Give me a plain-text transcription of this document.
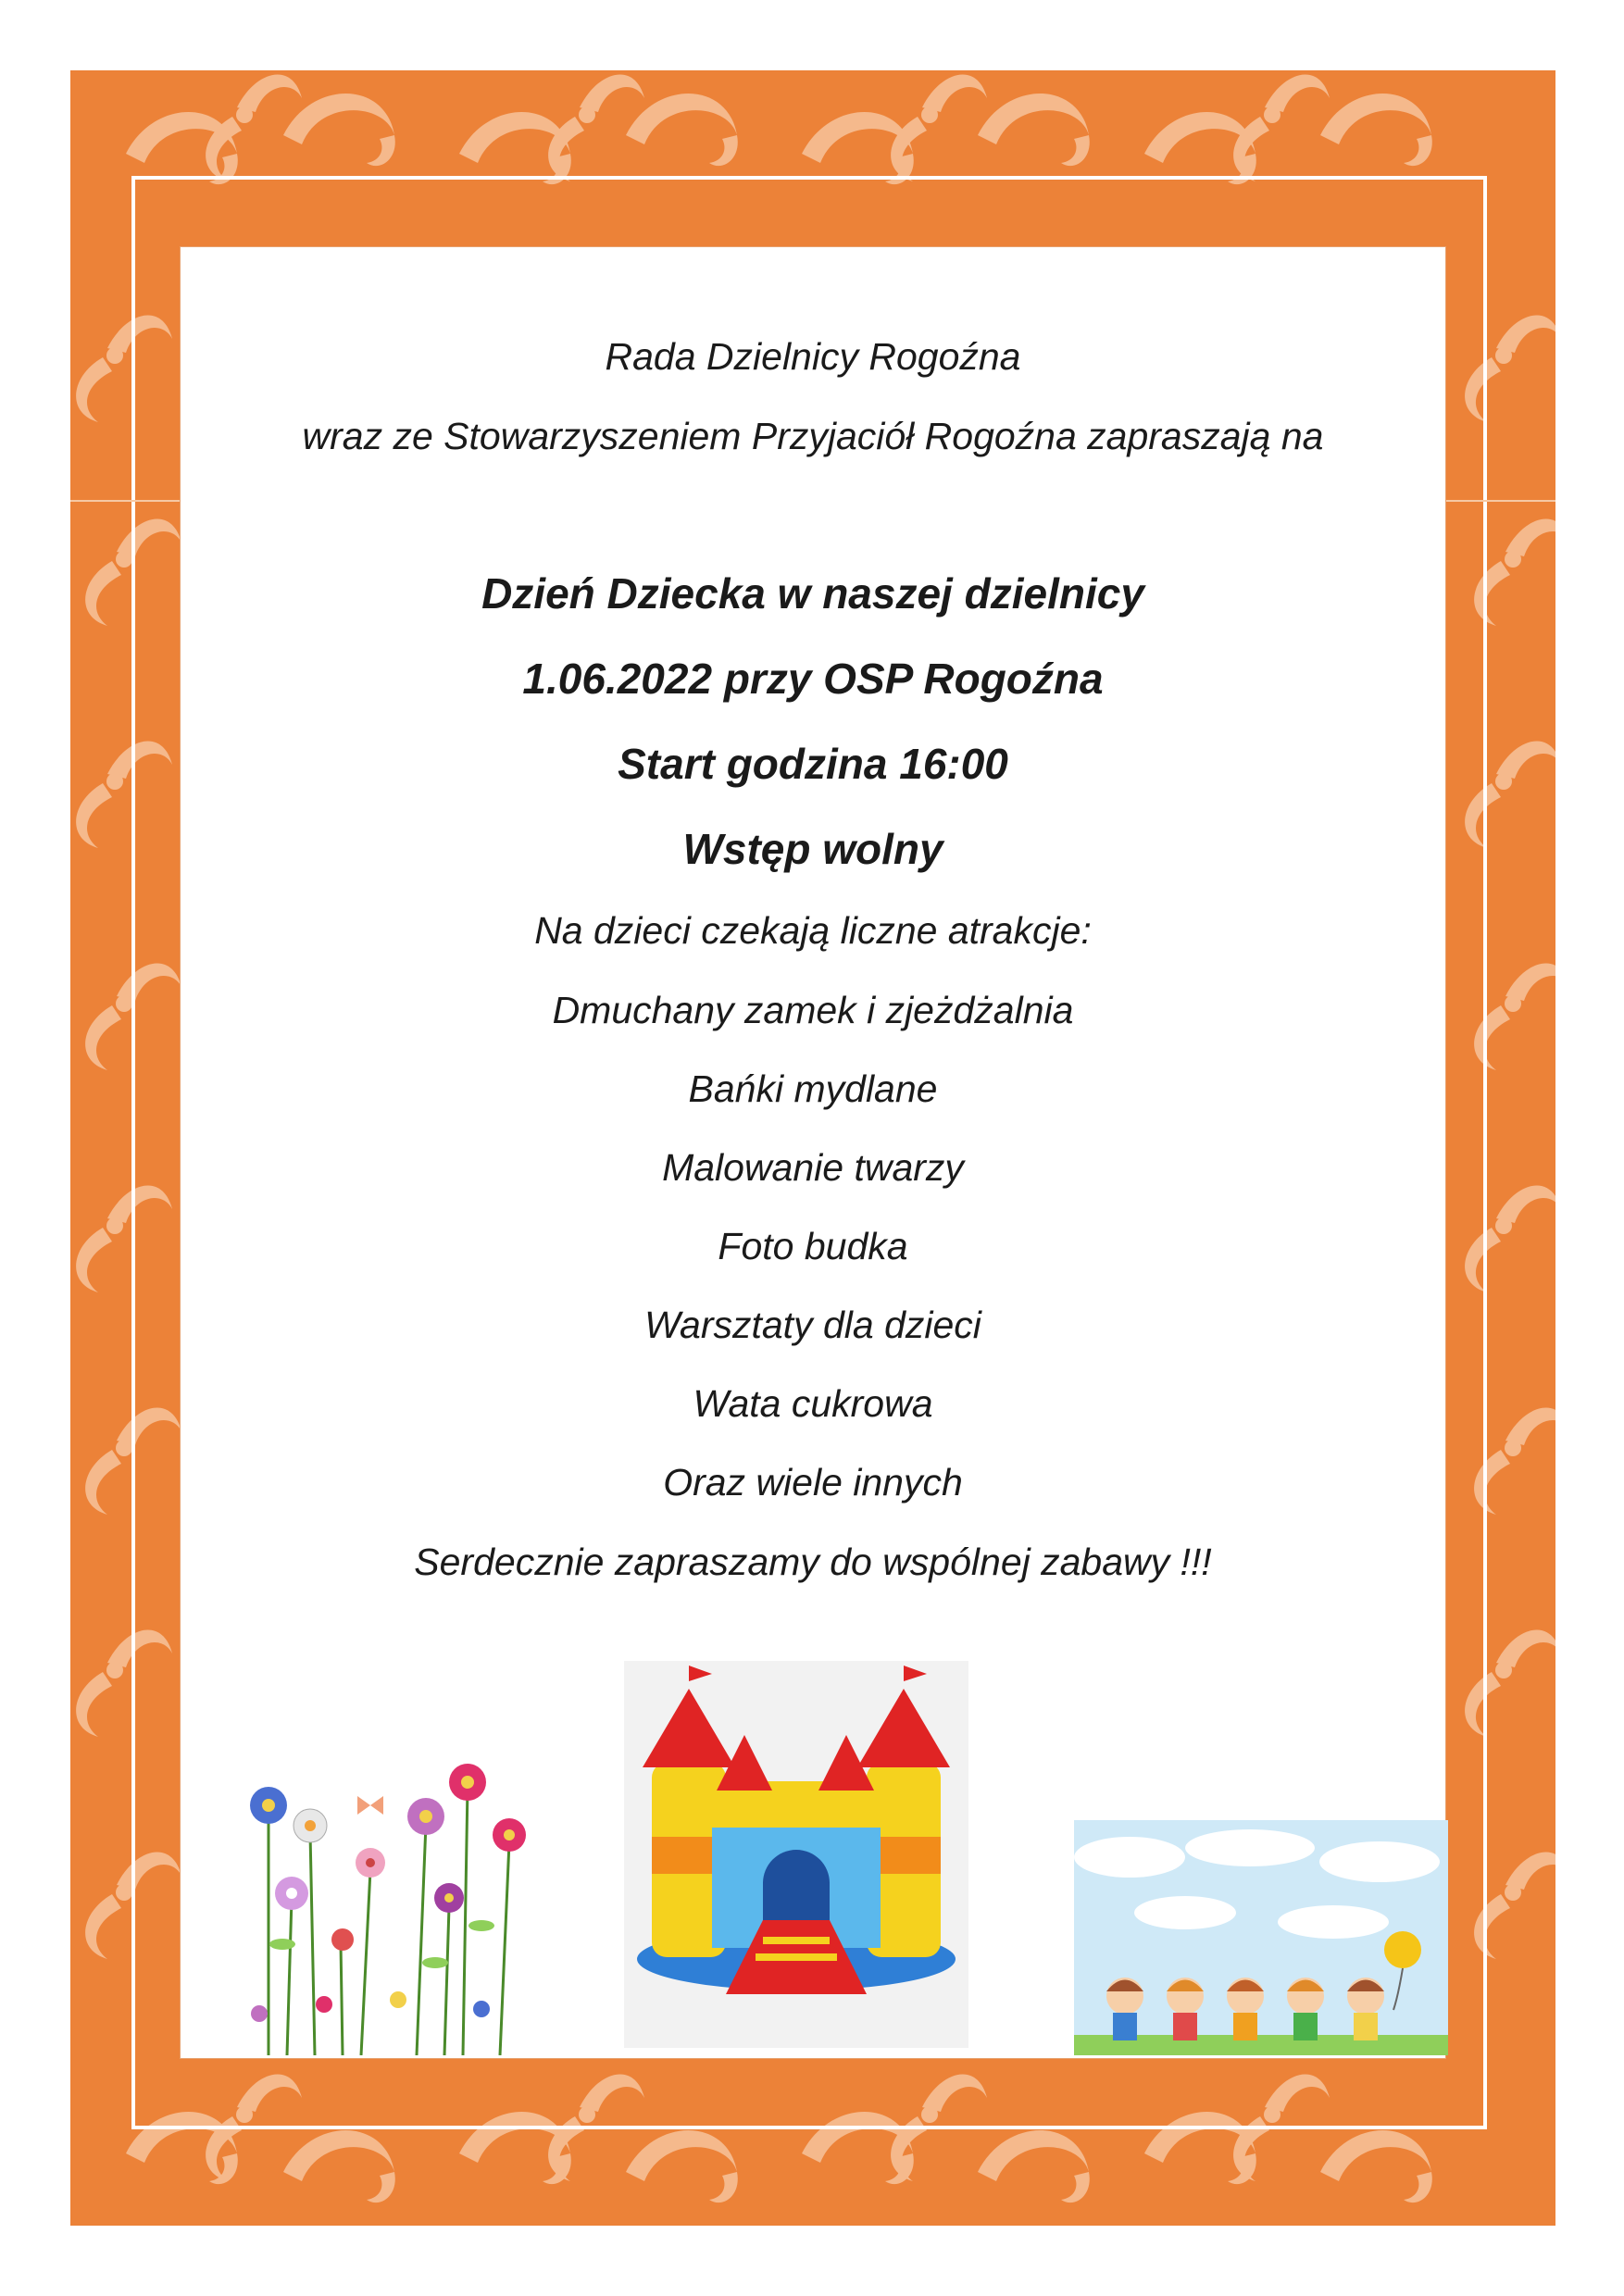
Rada Dzielnicy Rogoźna
wraz ze Stowarzyszeniem Przyjaciół Rogoźna zapraszają na
Dzień Dziecka w naszej dzielnicy
1.06.2022 przy OSP Rogoźna
Start godzina 16:00
Wstęp wolny
Na dzieci czekają liczne atrakcje:
Dmuchany zamek i zjeżdżalnia
Bańki mydlane
Malowanie twarzy
Foto budka
Warsztaty dla dzieci
Wata cukrowa
Oraz wiele innych
Serdecznie zapraszamy do wspólnej zabawy !!!
